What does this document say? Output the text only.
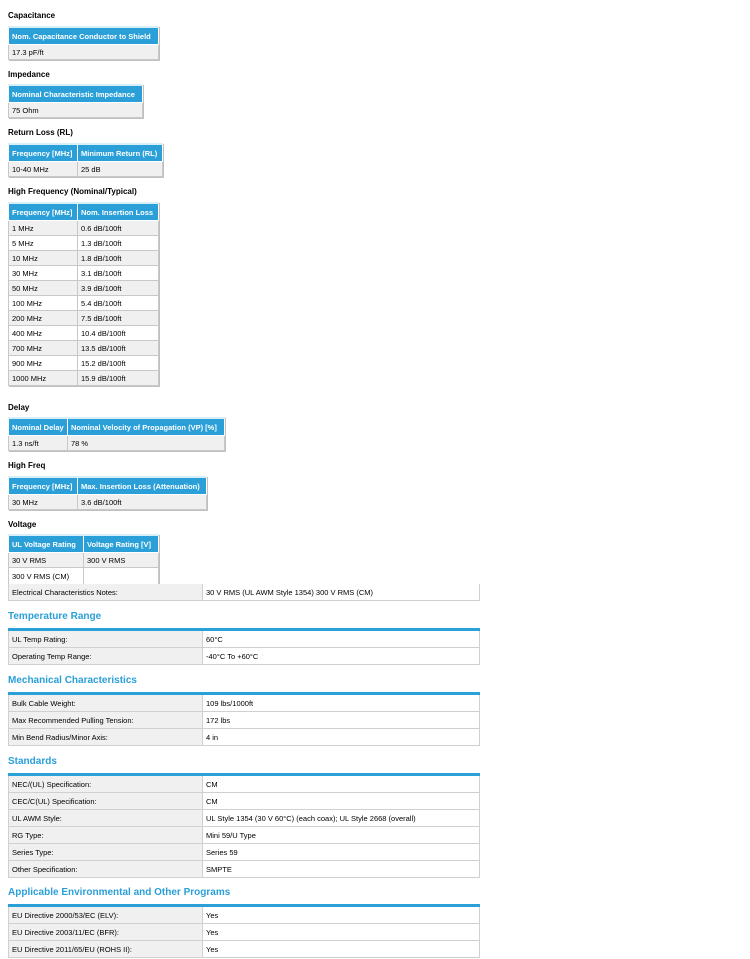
Capacitance
Nom. Capacitance Conductor to Shield
17.3 pF/ft
Impedance
Nominal Characteristic Impedance
75 Ohm
Return Loss (RL)
Frequency [MHz]	Minimum Return (RL)
10-40 MHz	25 dB
High Frequency (Nominal/Typical)
Frequency [MHz]	Nom. Insertion Loss
1 MHz	0.6 dB/100ft
5 MHz	1.3 dB/100ft
10 MHz	1.8 dB/100ft
30 MHz	3.1 dB/100ft
50 MHz	3.9 dB/100ft
100 MHz	5.4 dB/100ft
200 MHz	7.5 dB/100ft
400 MHz	10.4 dB/100ft
700 MHz	13.5 dB/100ft
900 MHz	15.2 dB/100ft
1000 MHz	15.9 dB/100ft
Delay
Nominal Delay	Nominal Velocity of Propagation (VP) [%]
1.3 ns/ft	78 %
High Freq
Frequency [MHz]	Max. Insertion Loss (Attenuation)
30 MHz	3.6 dB/100ft
Voltage
UL Voltage Rating	Voltage Rating [V]
30 V RMS	300 V RMS
300 V RMS (CM)	
Electrical Characteristics Notes:	30 V RMS (UL AWM Style 1354) 300 V RMS (CM)
Temperature Range
UL Temp Rating:	60°C
Operating Temp Range:	-40°C To +60°C
Mechanical Characteristics
Bulk Cable Weight:	109 lbs/1000ft
Max Recommended Pulling Tension:	172 lbs
Min Bend Radius/Minor Axis:	4 in
Standards
NEC/(UL) Specification:	CM
CEC/C(UL) Specification:	CM
UL AWM Style:	UL Style 1354 (30 V 60°C) (each coax); UL Style 2668 (overall)
RG Type:	Mini 59/U Type
Series Type:	Series 59
Other Specification:	SMPTE
Applicable Environmental and Other Programs
EU Directive 2000/53/EC (ELV):	Yes
EU Directive 2003/11/EC (BFR):	Yes
EU Directive 2011/65/EU (ROHS II):	Yes
